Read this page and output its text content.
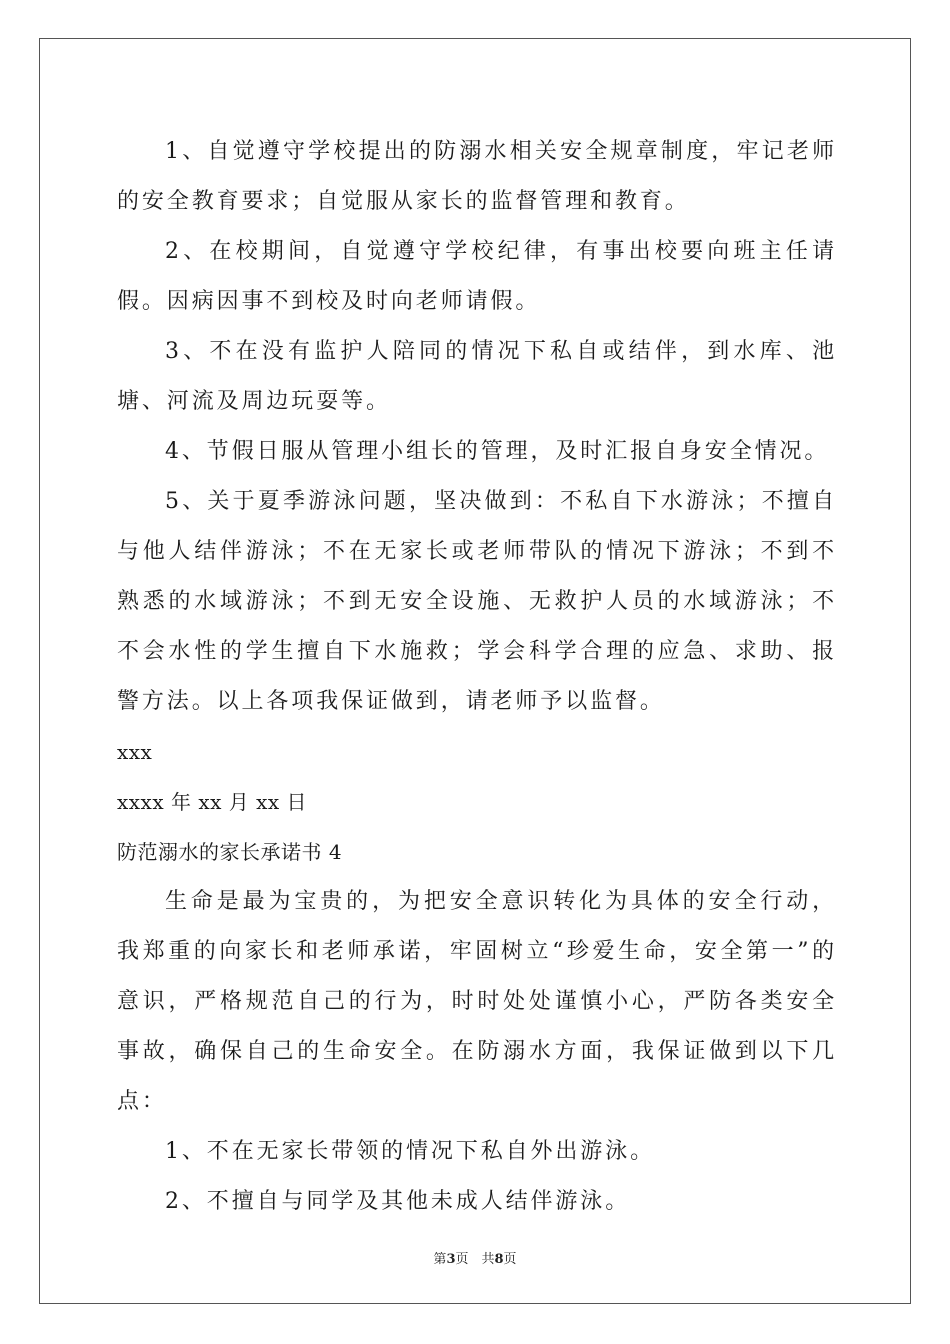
1、自觉遵守学校提出的防溺水相关安全规章制度，牢记老师的安全教育要求；自觉服从家长的监督管理和教育。

2、在校期间，自觉遵守学校纪律，有事出校要向班主任请假。因病因事不到校及时向老师请假。

3、不在没有监护人陪同的情况下私自或结伴，到水库、池塘、河流及周边玩耍等。

4、节假日服从管理小组长的管理，及时汇报自身安全情况。

5、关于夏季游泳问题，坚决做到：不私自下水游泳；不擅自与他人结伴游泳；不在无家长或老师带队的情况下游泳；不到不熟悉的水域游泳；不到无安全设施、无救护人员的水域游泳；不不会水性的学生擅自下水施救；学会科学合理的应急、求助、报警方法。以上各项我保证做到，请老师予以监督。

xxx

xxxx 年 xx 月 xx 日

防范溺水的家长承诺书 4

生命是最为宝贵的，为把安全意识转化为具体的安全行动，我郑重的向家长和老师承诺，牢固树立“珍爱生命，安全第一”的意识，严格规范自己的行为，时时处处谨慎小心，严防各类安全事故，确保自己的生命安全。在防溺水方面，我保证做到以下几点：

1、不在无家长带领的情况下私自外出游泳。

2、不擅自与同学及其他未成人结伴游泳。

第3页　共8页
